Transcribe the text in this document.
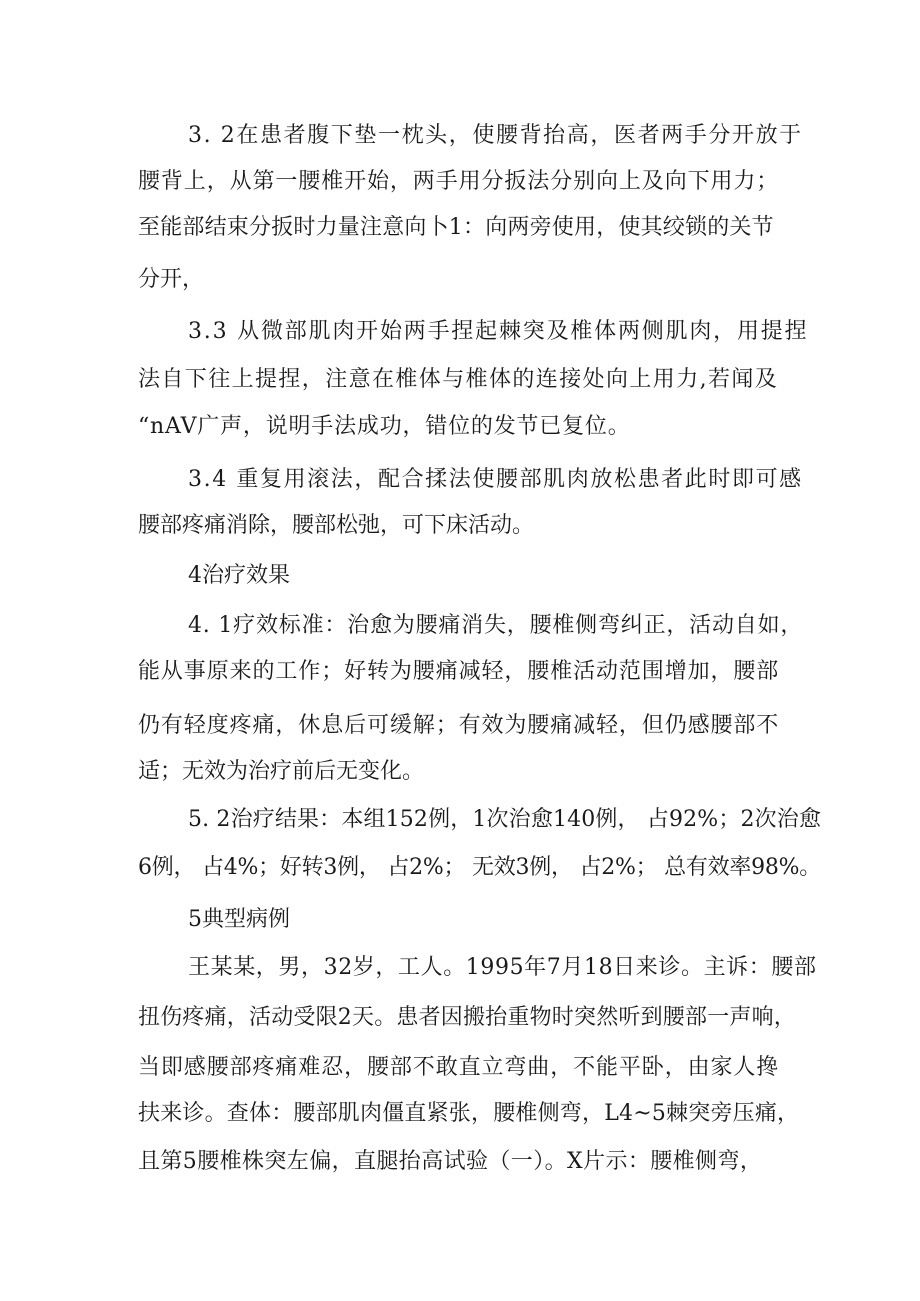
3. 2在患者腹下垫一枕头，使腰背抬高，医者两手分开放于

腰背上，从第一腰椎开始，两手用分扳法分别向上及向下用力；

至能部结束分扳时力量注意向卜1：向两旁使用，使其绞锁的关节

分开，

3.3 从微部肌肉开始两手捏起棘突及椎体两侧肌肉，用提捏

法自下往上提捏，注意在椎体与椎体的连接处向上用力,若闻及

“nAV广声，说明手法成功，错位的发节已复位。

3.4 重复用滚法，配合揉法使腰部肌肉放松患者此时即可感

腰部疼痛消除，腰部松弛，可下床活动。

4治疗效果

4. 1疗效标准：治愈为腰痛消失，腰椎侧弯纠正，活动自如，

能从事原来的工作；好转为腰痛减轻，腰椎活动范围增加，腰部

仍有轻度疼痛，休息后可缓解；有效为腰痛减轻，但仍感腰部不

适；无效为治疗前后无变化。

5. 2治疗结果：本组152例，1次治愈140例， 占92%；2次治愈

6例， 占4%；好转3例， 占2%； 无效3例， 占2%； 总有效率98%。

5典型病例

王某某，男，32岁，工人。1995年7月18日来诊。主诉：腰部

扭伤疼痛，活动受限2天。患者因搬抬重物时突然听到腰部一声响，

当即感腰部疼痛难忍，腰部不敢直立弯曲，不能平卧，由家人搀

扶来诊。查体：腰部肌肉僵直紧张，腰椎侧弯，L4~5棘突旁压痛，

且第5腰椎株突左偏，直腿抬高试验（一）。X片示：腰椎侧弯，
